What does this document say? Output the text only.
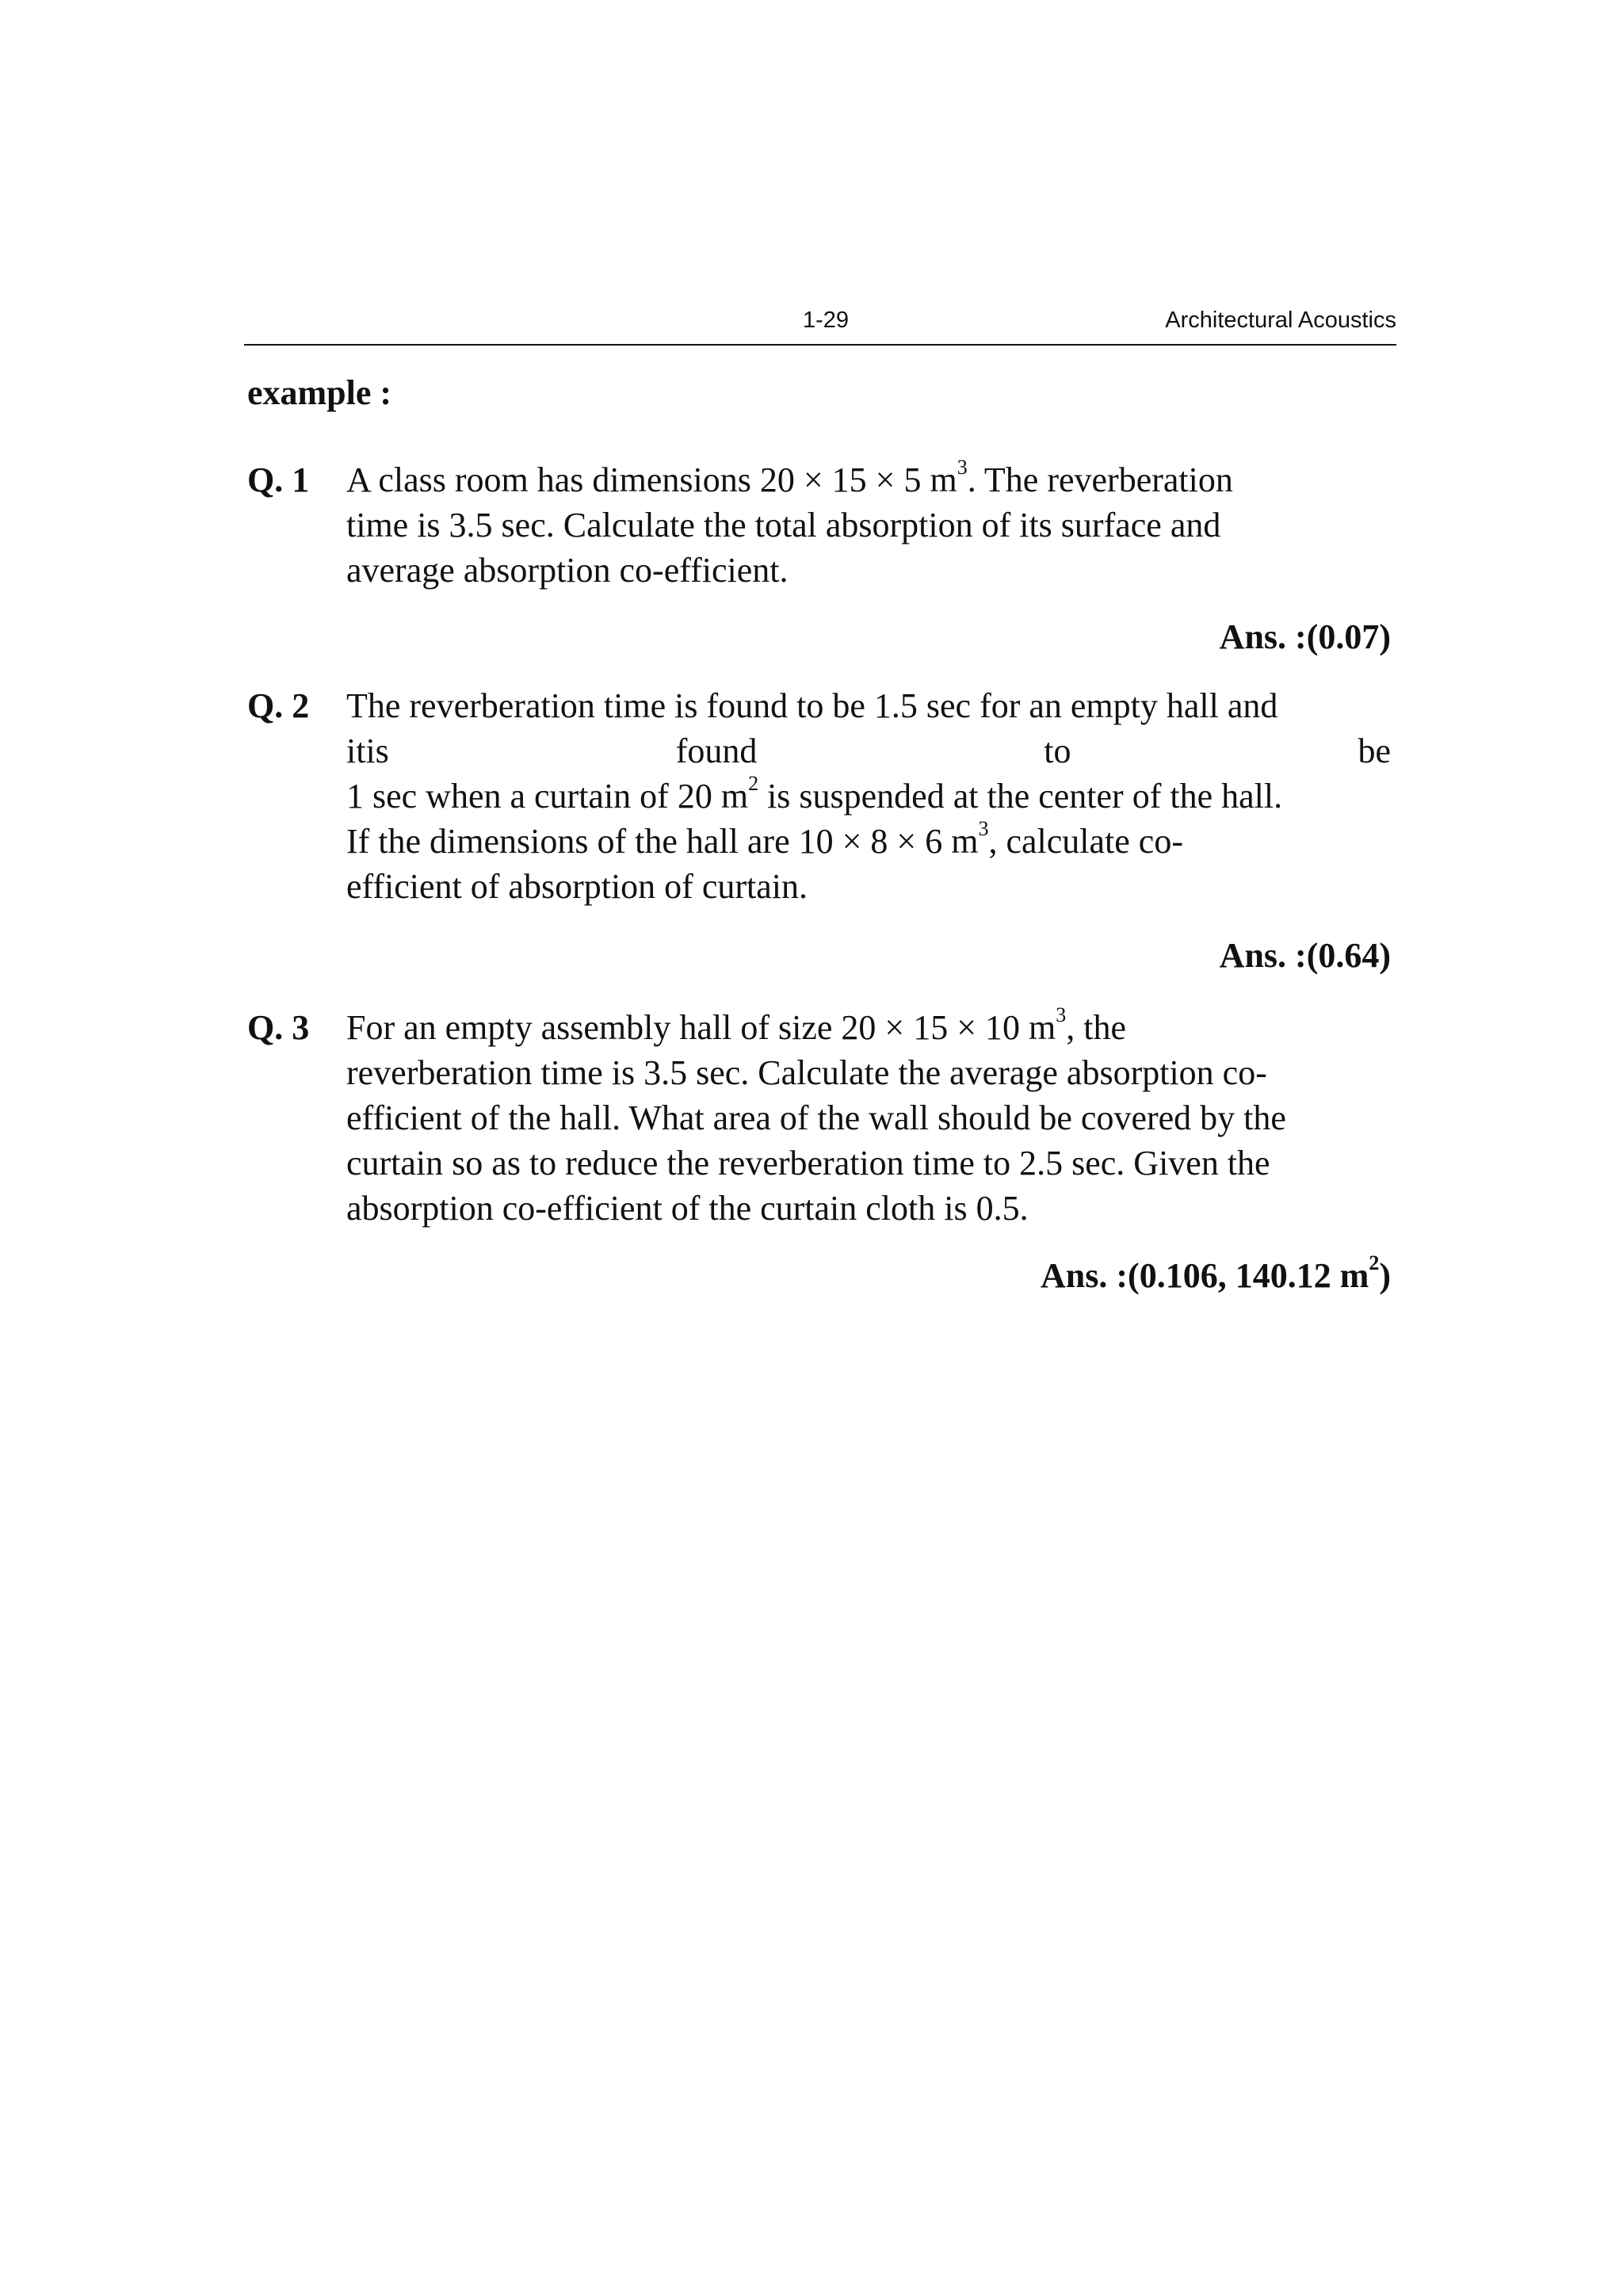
1-29	Architectural Acoustics
example :
Q. 1 A class room has dimensions 20 × 15 × 5 $m^3$. The reverberation
time is 3.5 sec. Calculate the total absorption of its surface and
average absorption co-efficient.
Ans. :(0.07)
Q. 2 The reverberation time is found to be 1.5 sec for an empty hall and
itis	found	to	be
1 sec when a curtain of 20 $m^2$ is suspended at the center of the hall.
If the dimensions of the hall are 10 × 8 × 6 $m^3$, calculate co-
efficient of absorption of curtain.
Ans. :(0.64)
Q. 3 For an empty assembly hall of size 20 × 15 × 10 $m^3$, the
reverberation time is 3.5 sec. Calculate the average absorption co-
efficient of the hall. What area of the wall should be covered by the
curtain so as to reduce the reverberation time to 2.5 sec. Given the
absorption co-efficient of the curtain cloth is 0.5.
Ans. :(0.106, 140.12 $m^2$)
